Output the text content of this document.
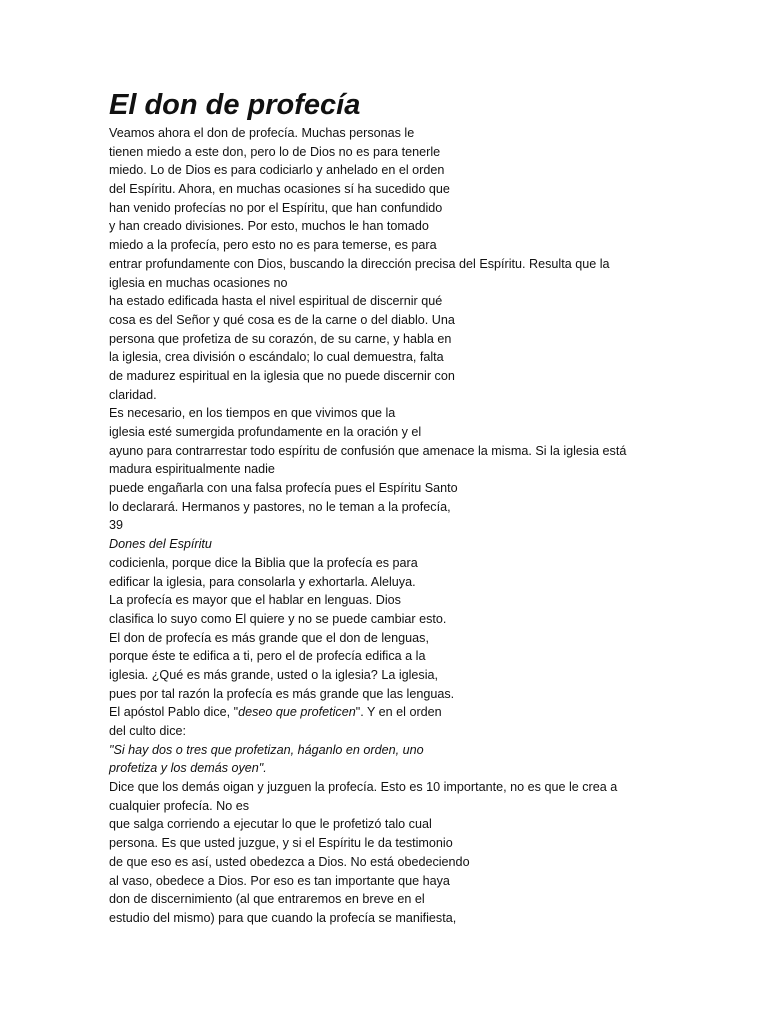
El don de profecía
Veamos ahora el don de profecía. Muchas personas le
tienen miedo a este don, pero lo de Dios no es para tenerle
miedo. Lo de Dios es para codiciarlo y anhelado en el orden
del Espíritu. Ahora, en muchas ocasiones sí ha sucedido que
han venido profecías no por el Espíritu, que han confundido
y han creado divisiones. Por esto, muchos le han tomado
miedo a la profecía, pero esto no es para temerse, es para
entrar profundamente con Dios, buscando la dirección precisa del Espíritu. Resulta que la
iglesia en muchas ocasiones no
ha estado edificada hasta el nivel espiritual de discernir qué
cosa es del Señor y qué cosa es de la carne o del diablo. Una
persona que profetiza de su corazón, de su carne, y habla en
la iglesia, crea división o escándalo; lo cual demuestra, falta
de madurez espiritual en la iglesia que no puede discernir con
claridad.
Es necesario, en los tiempos en que vivimos que la
iglesia esté sumergida profundamente en la oración y el
ayuno para contrarrestar todo espíritu de confusión que amenace la misma. Si la iglesia está
madura espiritualmente nadie
puede engañarla con una falsa profecía pues el Espíritu Santo
lo declarará. Hermanos y pastores, no le teman a la profecía,
39
Dones del Espíritu
codicienla, porque dice la Biblia que la profecía es para
edificar la iglesia, para consolarla y exhortarla. Aleluya.
La profecía es mayor que el hablar en lenguas. Dios
clasifica lo suyo como El quiere y no se puede cambiar esto.
El don de profecía es más grande que el don de lenguas,
porque éste te edifica a ti, pero el de profecía edifica a la
iglesia. ¿Qué es más grande, usted o la iglesia? La iglesia,
pues por tal razón la profecía es más grande que las lenguas.
El apóstol Pablo dice, "deseo que profeticen". Y en el orden
del culto dice:
"Si hay dos o tres que profetizan, háganlo en orden, uno
profetiza y los demás oyen".
Dice que los demás oigan y juzguen la profecía. Esto es 10 importante, no es que le crea a
cualquier profecía. No es
que salga corriendo a ejecutar lo que le profetizó talo cual
persona. Es que usted juzgue, y si el Espíritu le da testimonio
de que eso es así, usted obedezca a Dios. No está obedeciendo
al vaso, obedece a Dios. Por eso es tan importante que haya
don de discernimiento (al que entraremos en breve en el
estudio del mismo) para que cuando la profecía se manifiesta,
